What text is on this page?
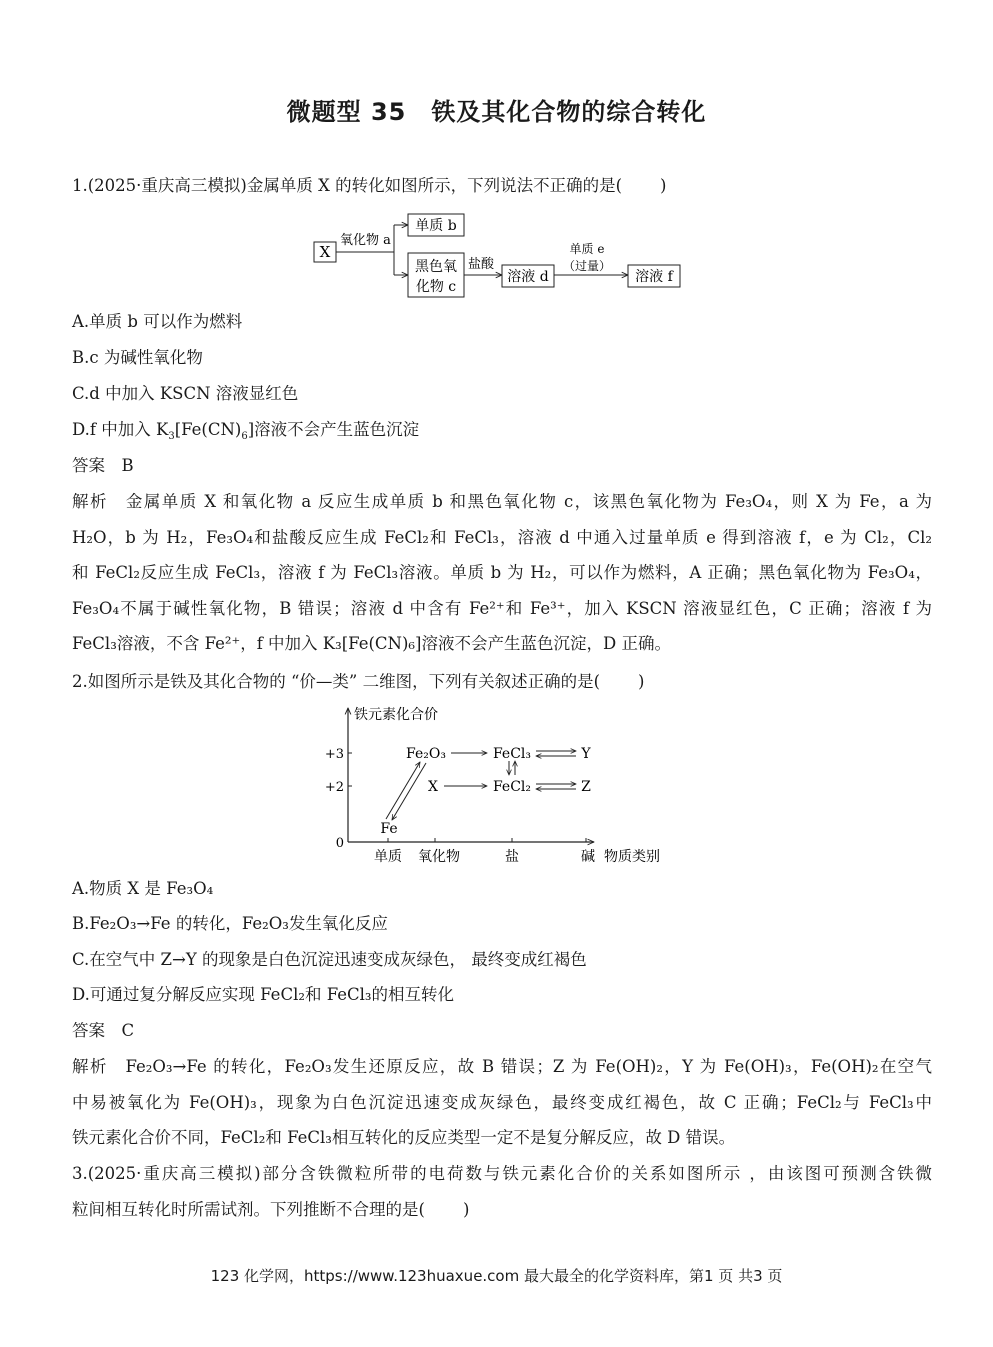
微题型 35　铁及其化合物的综合转化
1.(2025·重庆高三模拟)金属单质 X 的转化如图所示，下列说法不正确的是( )
X
氧化物 a
单质 b
黑色氧
化物 c
盐酸
溶液 d
单质 e
（过量）
溶液 f
A.单质 b 可以作为燃料
B.c 为碱性氧化物
C.d 中加入 KSCN 溶液显红色
D.f 中加入 $K_3[Fe(CN)_6]$溶液不会产生蓝色沉淀
答案　B
解析　金属单质 X 和氧化物 a 反应生成单质 b 和黑色氧化物 c，该黑色氧化物为 Fe₃O₄，则 X 为 Fe，a 为
H₂O，b 为 H₂，Fe₃O₄和盐酸反应生成 FeCl₂和 FeCl₃，溶液 d 中通入过量单质 e 得到溶液 f，e 为 Cl₂，Cl₂
和 FeCl₂反应生成 FeCl₃，溶液 f 为 FeCl₃溶液。单质 b 为 H₂，可以作为燃料，A 正确；黑色氧化物为 Fe₃O₄，
Fe₃O₄不属于碱性氧化物，B 错误；溶液 d 中含有 Fe²⁺和 Fe³⁺，加入 KSCN 溶液显红色，C 正确；溶液 f 为
FeCl₃溶液，不含 Fe²⁺，f 中加入 K₃[Fe(CN)₆]溶液不会产生蓝色沉淀，D 正确。
2.如图所示是铁及其化合物的 “价—类” 二维图，下列有关叙述正确的是( )
铁元素化合价
+3
+2
0
单质 氧化物	盐	碱 物质类别
Fe₂O₃	FeCl₃	Y
X	FeCl₂	Z
Fe
A.物质 X 是 Fe₃O₄
B.Fe₂O₃→Fe 的转化，Fe₂O₃发生氧化反应
C.在空气中 Z→Y 的现象是白色沉淀迅速变成灰绿色， 最终变成红褐色
D.可通过复分解反应实现 FeCl₂和 FeCl₃的相互转化
答案　C
解析　Fe₂O₃→Fe 的转化，Fe₂O₃发生还原反应，故 B 错误；Z 为 Fe(OH)₂，Y 为 Fe(OH)₃，Fe(OH)₂在空气
中易被氧化为 Fe(OH)₃，现象为白色沉淀迅速变成灰绿色，最终变成红褐色，故 C 正确；FeCl₂与 FeCl₃中
铁元素化合价不同，FeCl₂和 FeCl₃相互转化的反应类型一定不是复分解反应，故 D 错误。
3.(2025·重庆高三模拟)部分含铁微粒所带的电荷数与铁元素化合价的关系如图所示 ，由该图可预测含铁微
粒间相互转化时所需试剂。下列推断不合理的是( )
123 化学网，https://www.123huaxue.com 最大最全的化学资料库，第1 页 共3 页
